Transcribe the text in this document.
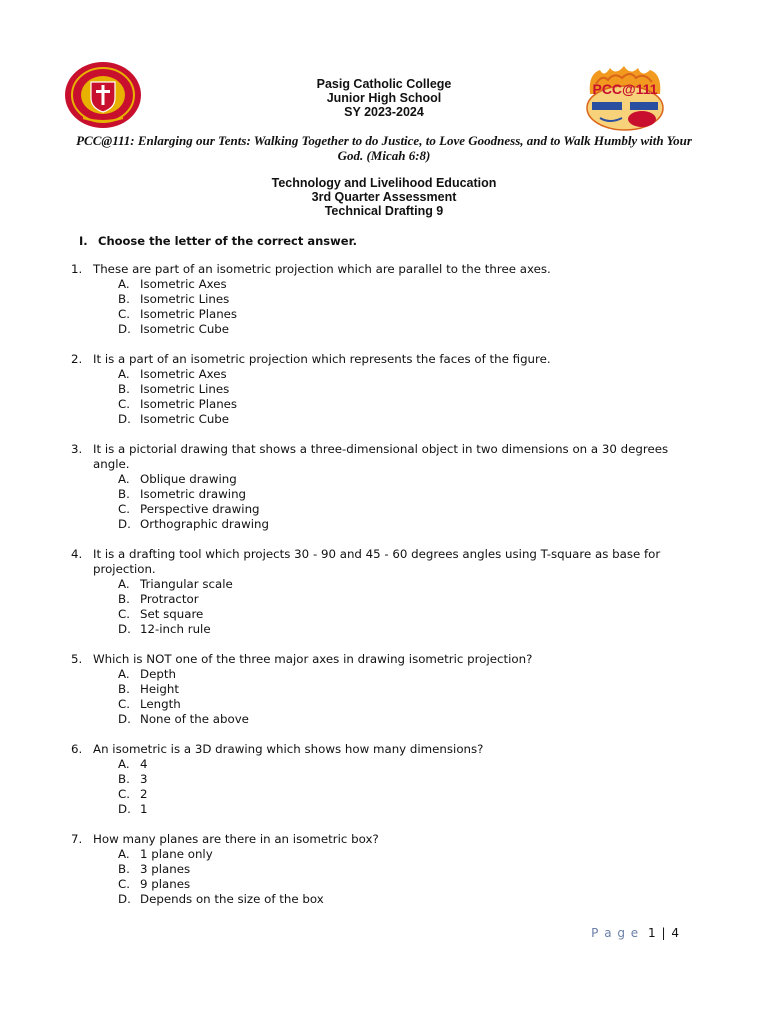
PCC@111
Pasig Catholic College
Junior High School
SY 2023-2024
PCC@111: Enlarging our Tents: Walking Together to do Justice, to Love Goodness, and to Walk Humbly with Your God. (Micah 6:8)
Technology and Livelihood Education
3rd Quarter Assessment
Technical Drafting 9
I. Choose the letter of the correct answer.
1. These are part of an isometric projection which are parallel to the three axes.
A. Isometric Axes
B. Isometric Lines
C. Isometric Planes
D. Isometric Cube
2. It is a part of an isometric projection which represents the faces of the figure.
A. Isometric Axes
B. Isometric Lines
C. Isometric Planes
D. Isometric Cube
3. It is a pictorial drawing that shows a three-dimensional object in two dimensions on a 30 degrees angle.
A. Oblique drawing
B. Isometric drawing
C. Perspective drawing
D. Orthographic drawing
4. It is a drafting tool which projects 30 - 90 and 45 - 60 degrees angles using T-square as base for projection.
A. Triangular scale
B. Protractor
C. Set square
D. 12-inch rule
5. Which is NOT one of the three major axes in drawing isometric projection?
A. Depth
B. Height
C. Length
D. None of the above
6. An isometric is a 3D drawing which shows how many dimensions?
A. 4
B. 3
C. 2
D. 1
7. How many planes are there in an isometric box?
A. 1 plane only
B. 3 planes
C. 9 planes
D. Depends on the size of the box
P a g e 1 | 4
